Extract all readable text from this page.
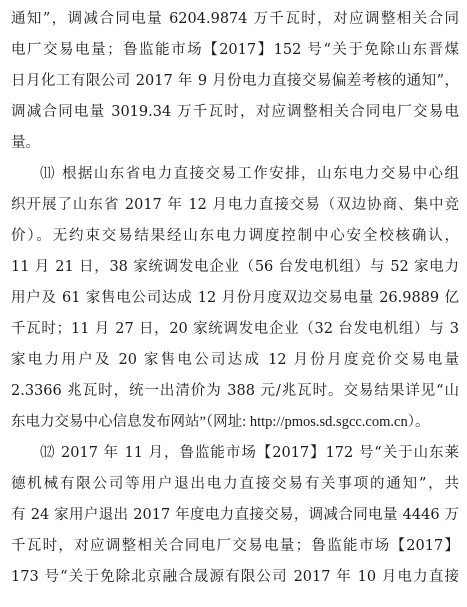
通知”，调减合同电量 6204.9874 万千瓦时，对应调整相关合同
电厂交易电量；鲁监能市场【2017】152 号“关于免除山东晋煤
日月化工有限公司 2017 年 9 月份电力直接交易偏差考核的通知”，
调减合同电量 3019.34 万千瓦时，对应调整相关合同电厂交易电
量。
⑾ 根据山东省电力直接交易工作安排，山东电力交易中心组
织开展了山东省 2017 年 12 月电力直接交易（双边协商、集中竞
价）。无约束交易结果经山东电力调度控制中心安全校核确认，
11 月 21 日，38 家统调发电企业（56 台发电机组）与 52 家电力
用户及 61 家售电公司达成 12 月份月度双边交易电量 26.9889 亿
千瓦时；11 月 27 日，20 家统调发电企业（32 台发电机组）与 3
家电力用户及 20 家售电公司达成 12 月份月度竞价交易电量
2.3366 兆瓦时，统一出清价为 388 元/兆瓦时。交易结果详见“山
东电力交易中心信息发布网站”（网址: http://pmos.sd.sgcc.com.cn）。
⑿ 2017 年 11 月，鲁监能市场【2017】172 号“关于山东莱
德机械有限公司等用户退出电力直接交易有关事项的通知”，共
有 24 家用户退出 2017 年度电力直接交易，调减合同电量 4446 万
千瓦时，对应调整相关合同电厂交易电量；鲁监能市场【2017】
173 号“关于免除北京融合晟源有限公司 2017 年 10 月电力直接
